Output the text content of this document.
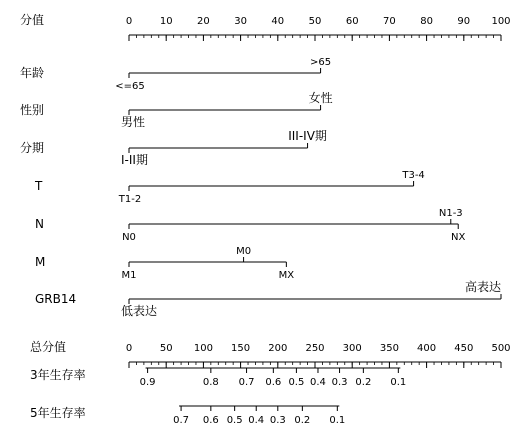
分值	0	10 20 30 40 50 60 70 80 90 100
年龄
<=65
>65
性别
男性
女性
分期
I-II期
III-IV期
T
T1-2
T3-4
N
N0
N1-3
NX
M
M1
M0
MX
GRB14
低表达
高表达
总分值	0	50 100 150 200 250 300 350 400 450 500
3年生存率
0.9	0.8 0.7 0.6 0.5 0.4 0.3 0.2 0.1
5年生存率
0.7 0.6 0.5 0.4 0.3 0.2 0.1
